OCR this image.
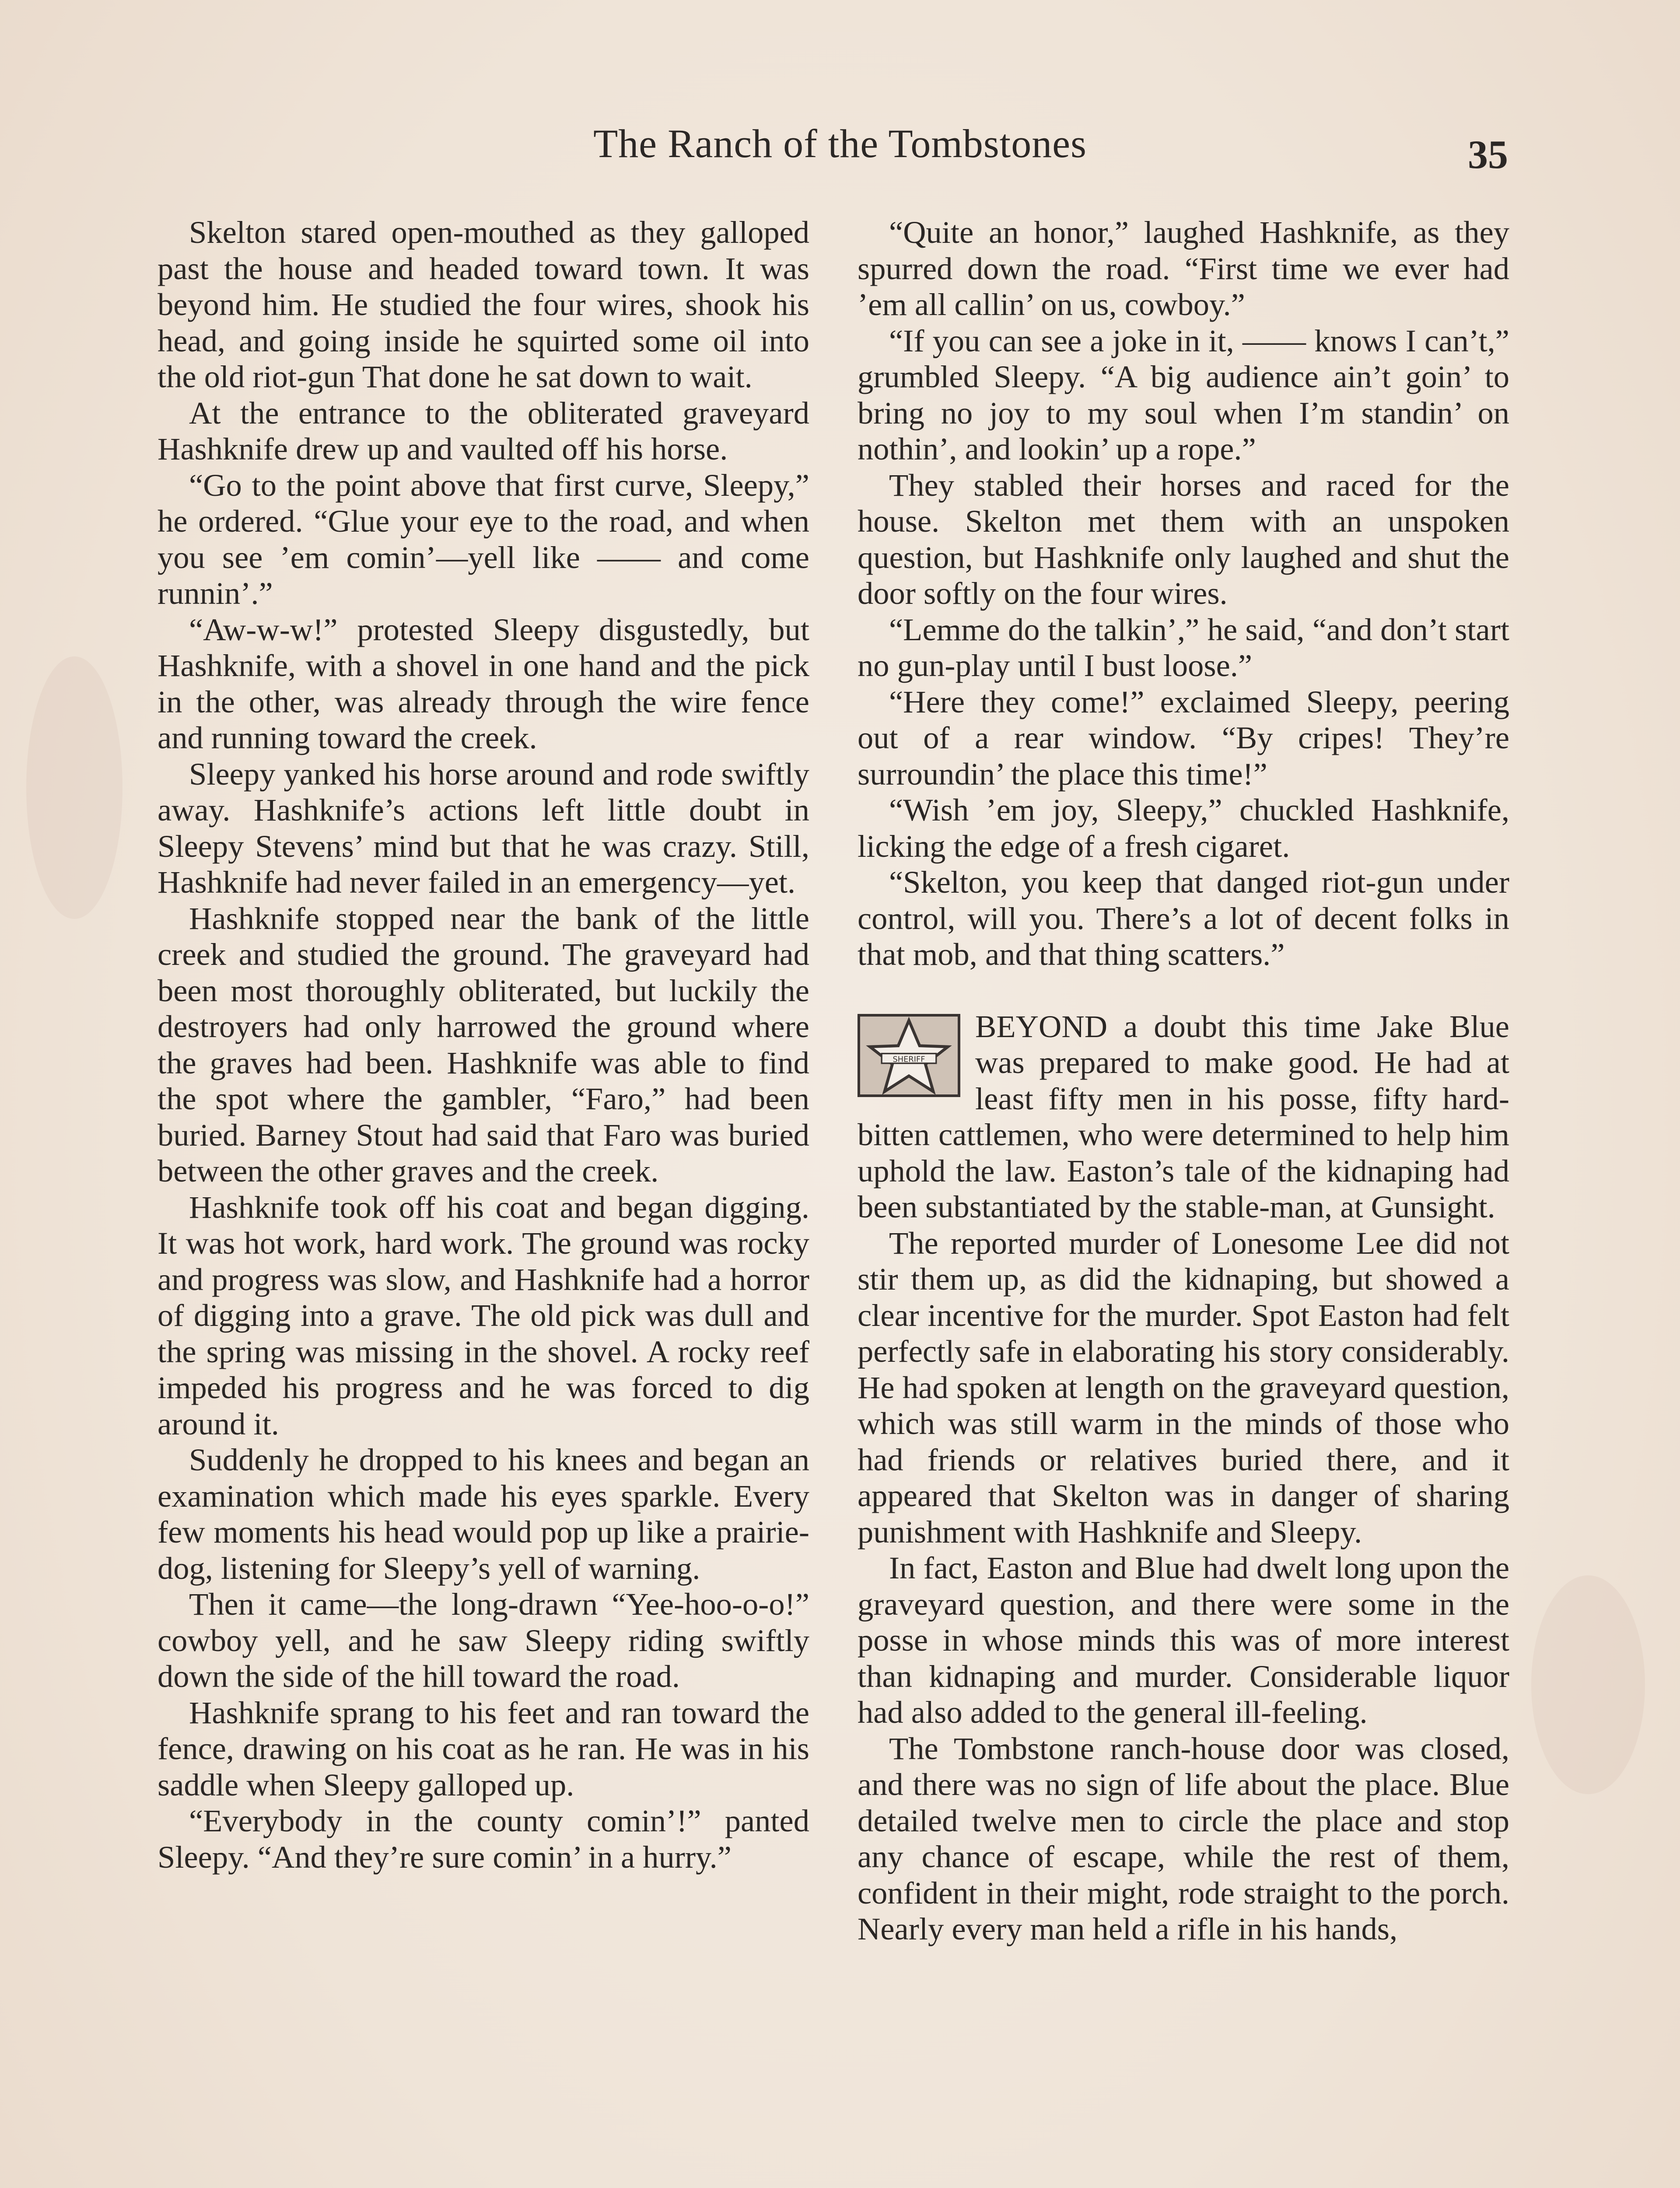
The Ranch of the Tombstones	35

Skelton stared open-mouthed as they galloped past the house and headed toward town. It was beyond him. He studied the four wires, shook his head, and going inside he squirted some oil into the old riot-gun That done he sat down to wait.

At the entrance to the obliterated graveyard Hashknife drew up and vaulted off his horse.

“Go to the point above that first curve, Sleepy,” he ordered. “Glue your eye to the road, and when you see ’em comin’—yell like —— and come runnin’.”

“Aw-w-w!” protested Sleepy disgustedly, but Hashknife, with a shovel in one hand and the pick in the other, was already through the wire fence and running toward the creek.

Sleepy yanked his horse around and rode swiftly away. Hashknife’s actions left little doubt in Sleepy Stevens’ mind but that he was crazy. Still, Hashknife had never failed in an emergency—yet.

Hashknife stopped near the bank of the little creek and studied the ground. The graveyard had been most thoroughly obliterated, but luckily the destroyers had only harrowed the ground where the graves had been. Hashknife was able to find the spot where the gambler, “Faro,” had been buried. Barney Stout had said that Faro was buried between the other graves and the creek.

Hashknife took off his coat and began digging. It was hot work, hard work. The ground was rocky and progress was slow, and Hashknife had a horror of digging into a grave. The old pick was dull and the spring was missing in the shovel. A rocky reef impeded his progress and he was forced to dig around it.

Suddenly he dropped to his knees and began an examination which made his eyes sparkle. Every few moments his head would pop up like a prairie-dog, listening for Sleepy’s yell of warning.

Then it came—the long-drawn “Yee-hoo-o-o!” cowboy yell, and he saw Sleepy riding swiftly down the side of the hill toward the road.

Hashknife sprang to his feet and ran toward the fence, drawing on his coat as he ran. He was in his saddle when Sleepy galloped up.

“Everybody in the county comin’!” panted Sleepy. “And they’re sure comin’ in a hurry.”

“Quite an honor,” laughed Hashknife, as they spurred down the road. “First time we ever had ’em all callin’ on us, cowboy.”

“If you can see a joke in it, —— knows I can’t,” grumbled Sleepy. “A big audience ain’t goin’ to bring no joy to my soul when I’m standin’ on nothin’, and lookin’ up a rope.”

They stabled their horses and raced for the house. Skelton met them with an unspoken question, but Hashknife only laughed and shut the door softly on the four wires.

“Lemme do the talkin’,” he said, “and don’t start no gun-play until I bust loose.”

“Here they come!” exclaimed Sleepy, peering out of a rear window. “By cripes! They’re surroundin’ the place this time!”

“Wish ’em joy, Sleepy,” chuckled Hashknife, licking the edge of a fresh cigaret.

“Skelton, you keep that danged riot-gun under control, will you. There’s a lot of decent folks in that mob, and that thing scatters.”

SHERIFF
BEYOND a doubt this time Jake Blue was prepared to make good. He had at least fifty men in his posse, fifty hard-bitten cattlemen, who were determined to help him uphold the law. Easton’s tale of the kidnaping had been substantiated by the stable-man, at Gunsight.

The reported murder of Lonesome Lee did not stir them up, as did the kidnaping, but showed a clear incentive for the murder. Spot Easton had felt perfectly safe in elaborating his story considerably. He had spoken at length on the graveyard question, which was still warm in the minds of those who had friends or relatives buried there, and it appeared that Skelton was in danger of sharing punishment with Hashknife and Sleepy.

In fact, Easton and Blue had dwelt long upon the graveyard question, and there were some in the posse in whose minds this was of more interest than kidnaping and murder. Considerable liquor had also added to the general ill-feeling.

The Tombstone ranch-house door was closed, and there was no sign of life about the place. Blue detailed twelve men to circle the place and stop any chance of escape, while the rest of them, confident in their might, rode straight to the porch. Nearly every man held a rifle in his hands,
